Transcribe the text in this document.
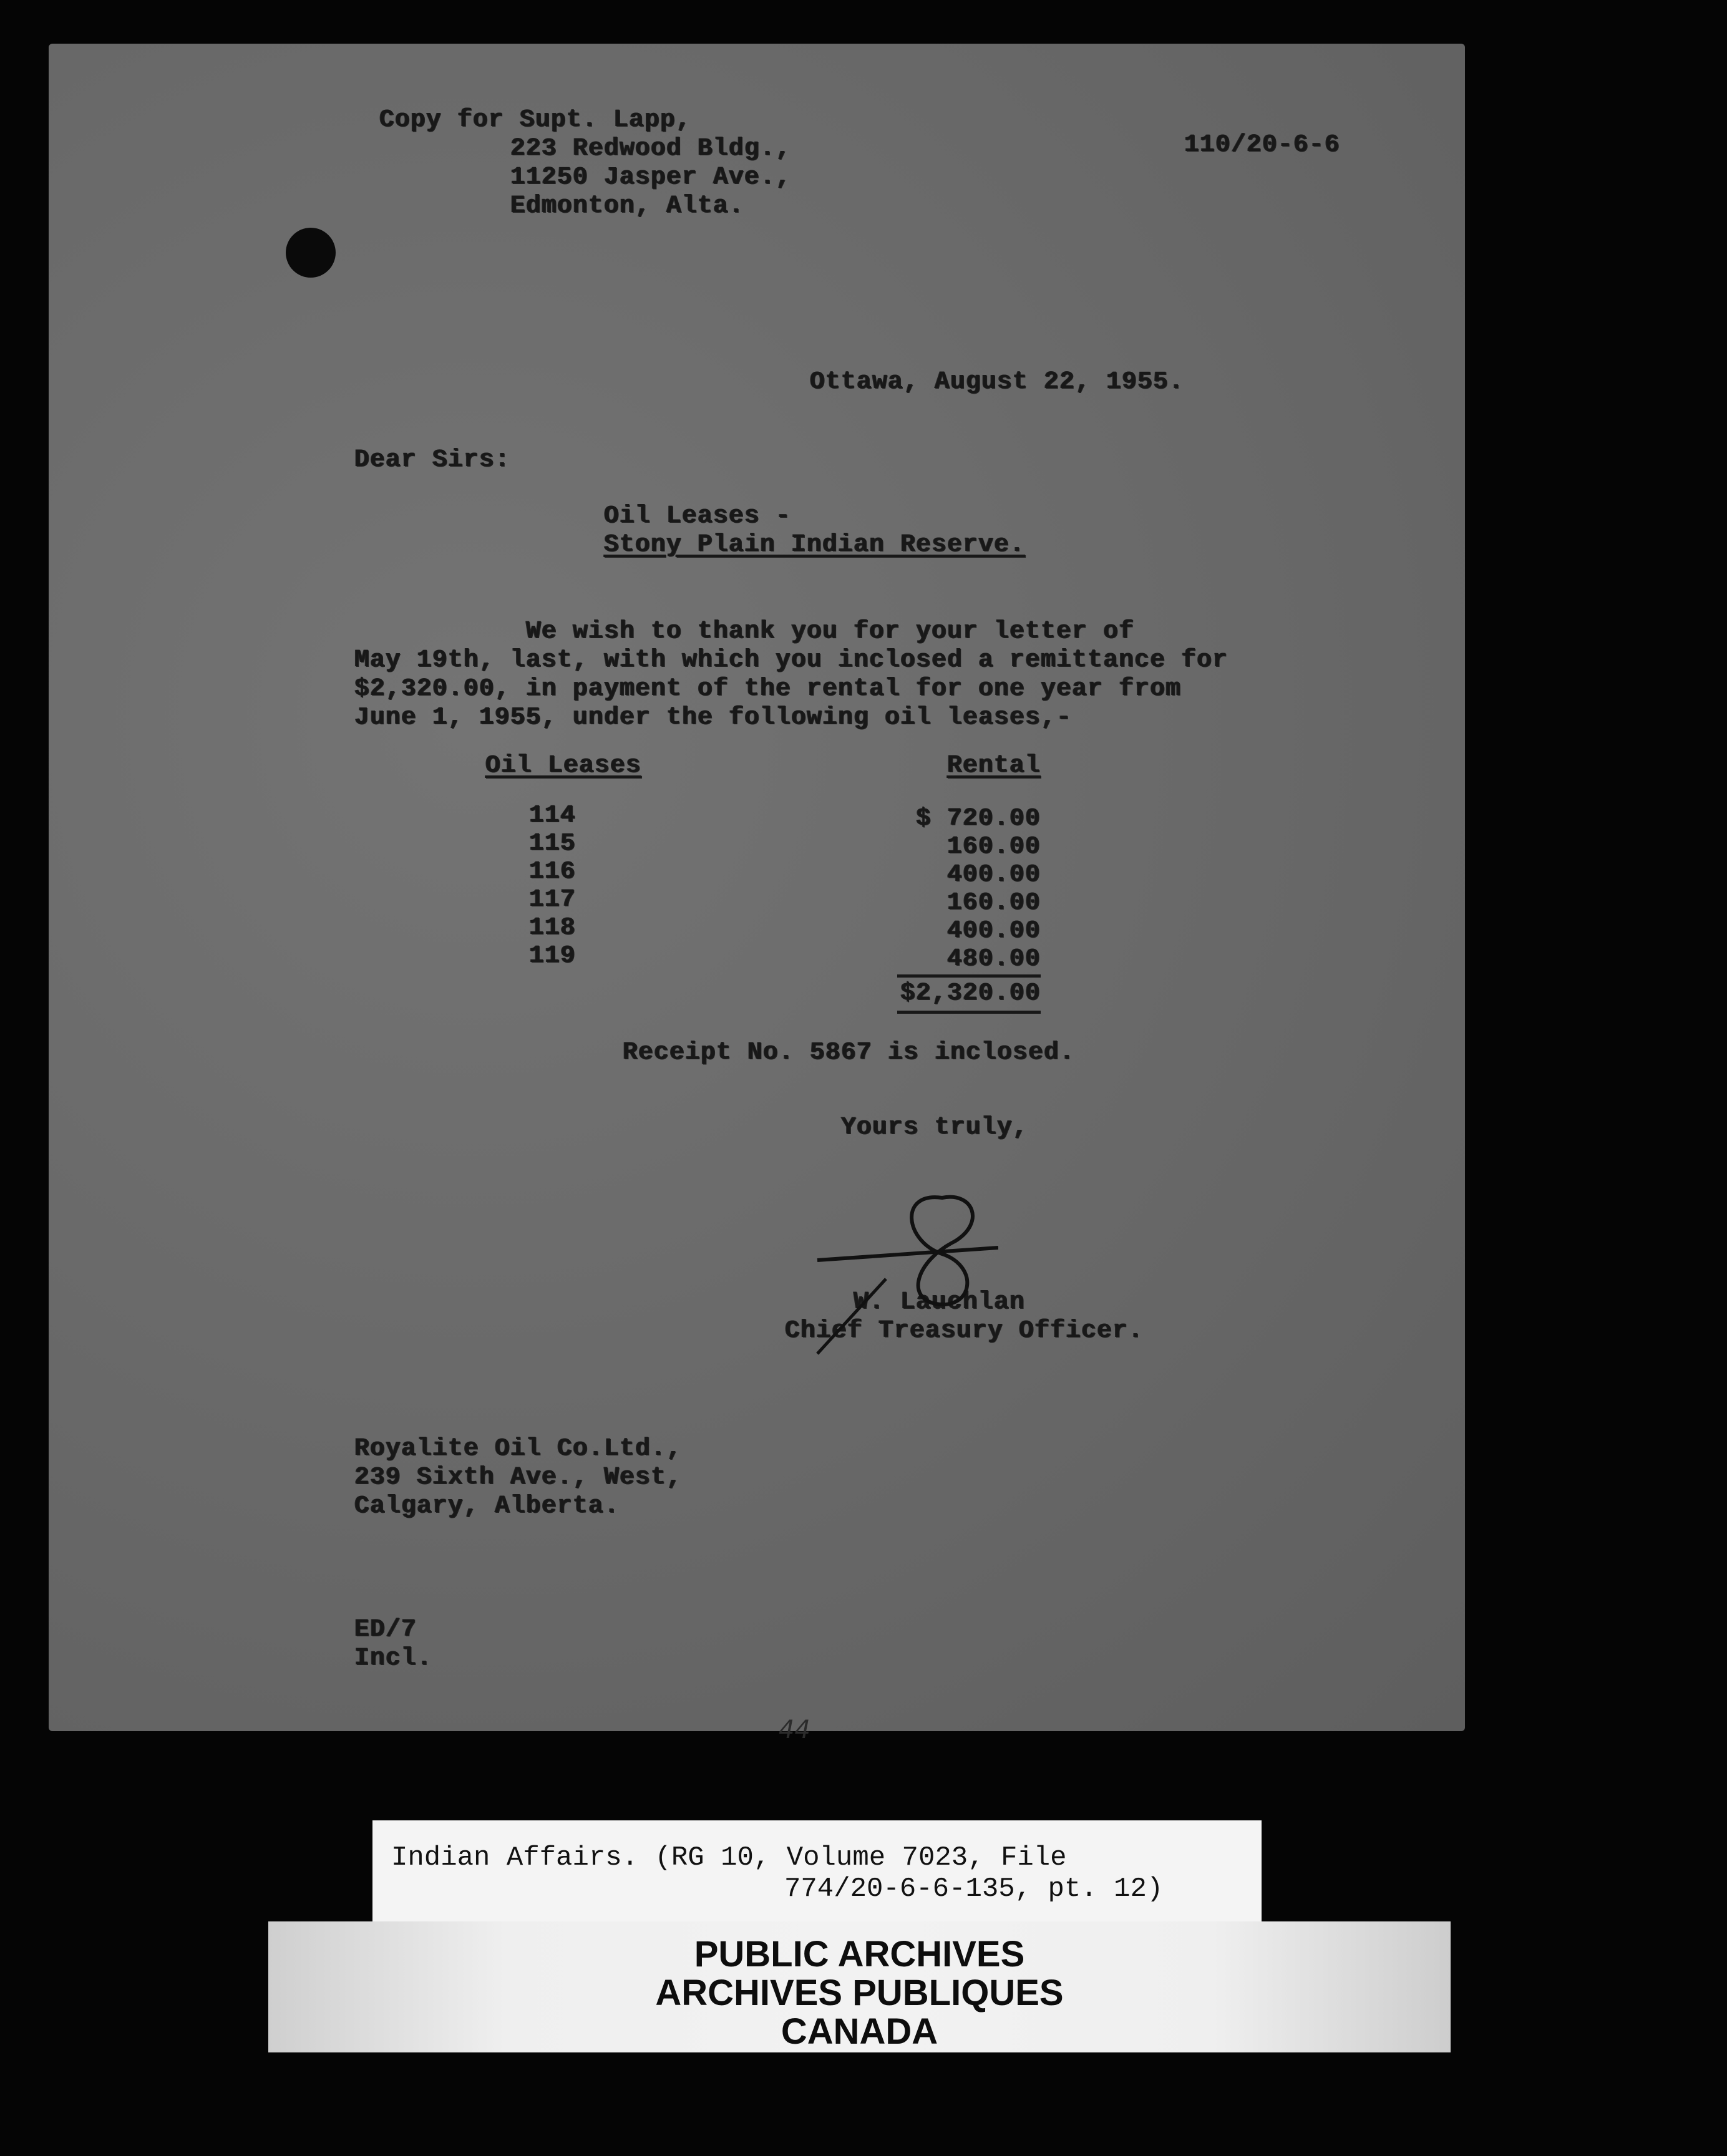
Copy for Supt. Lapp,
223 Redwood Bldg.,
11250 Jasper Ave.,
Edmonton, Alta.
110/20-6-6
Ottawa, August 22, 1955.
Dear Sirs:
Oil Leases -
Stony Plain Indian Reserve.
We wish to thank you for your letter of
May 19th, last, with which you inclosed a remittance for
$2,320.00, in payment of the rental for one year from
June 1, 1955, under the following oil leases,-
Oil Leases	Rental
114
115
116
117
118
119
$ 720.00
160.00
400.00
160.00
400.00
480.00
$2,320.00
Receipt No. 5867 is inclosed.
Yours truly,
W. Lauchlan
Chief Treasury Officer.
Royalite Oil Co.Ltd.,
239 Sixth Ave., West,
Calgary, Alberta.
ED/7
Incl.
44
Indian Affairs. (RG 10, Volume 7023, File
774/20-6-6-135, pt. 12)
PUBLIC ARCHIVES
ARCHIVES PUBLIQUES
CANADA
